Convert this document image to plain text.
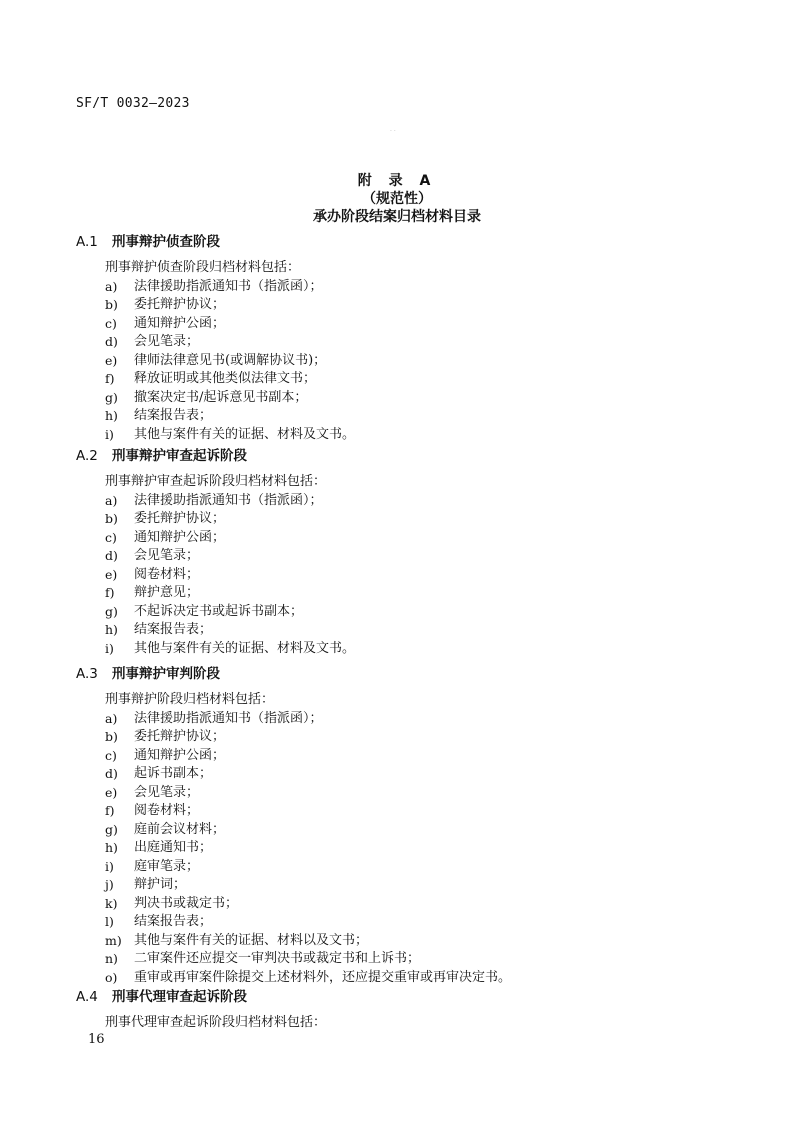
SF/T 0032—2023
· ·
附 录 A
（规范性）
承办阶段结案归档材料目录
A.1 刑事辩护侦查阶段
刑事辩护侦查阶段归档材料包括：
a) 法律援助指派通知书（指派函）；
b) 委托辩护协议；
c) 通知辩护公函；
d) 会见笔录；
e) 律师法律意见书(或调解协议书)；
f) 释放证明或其他类似法律文书；
g) 撤案决定书/起诉意见书副本；
h) 结案报告表；
i) 其他与案件有关的证据、材料及文书。
A.2 刑事辩护审查起诉阶段
刑事辩护审查起诉阶段归档材料包括：
a) 法律援助指派通知书（指派函）；
b) 委托辩护协议；
c) 通知辩护公函；
d) 会见笔录；
e) 阅卷材料；
f) 辩护意见；
g) 不起诉决定书或起诉书副本；
h) 结案报告表；
i) 其他与案件有关的证据、材料及文书。
A.3 刑事辩护审判阶段
刑事辩护阶段归档材料包括：
a) 法律援助指派通知书（指派函）；
b) 委托辩护协议；
c) 通知辩护公函；
d) 起诉书副本；
e) 会见笔录；
f) 阅卷材料；
g) 庭前会议材料；
h) 出庭通知书；
i) 庭审笔录；
j) 辩护词；
k) 判决书或裁定书；
l) 结案报告表；
m) 其他与案件有关的证据、材料以及文书；
n) 二审案件还应提交一审判决书或裁定书和上诉书；
o) 重审或再审案件除提交上述材料外，还应提交重审或再审决定书。
A.4 刑事代理审查起诉阶段
刑事代理审查起诉阶段归档材料包括：
16
